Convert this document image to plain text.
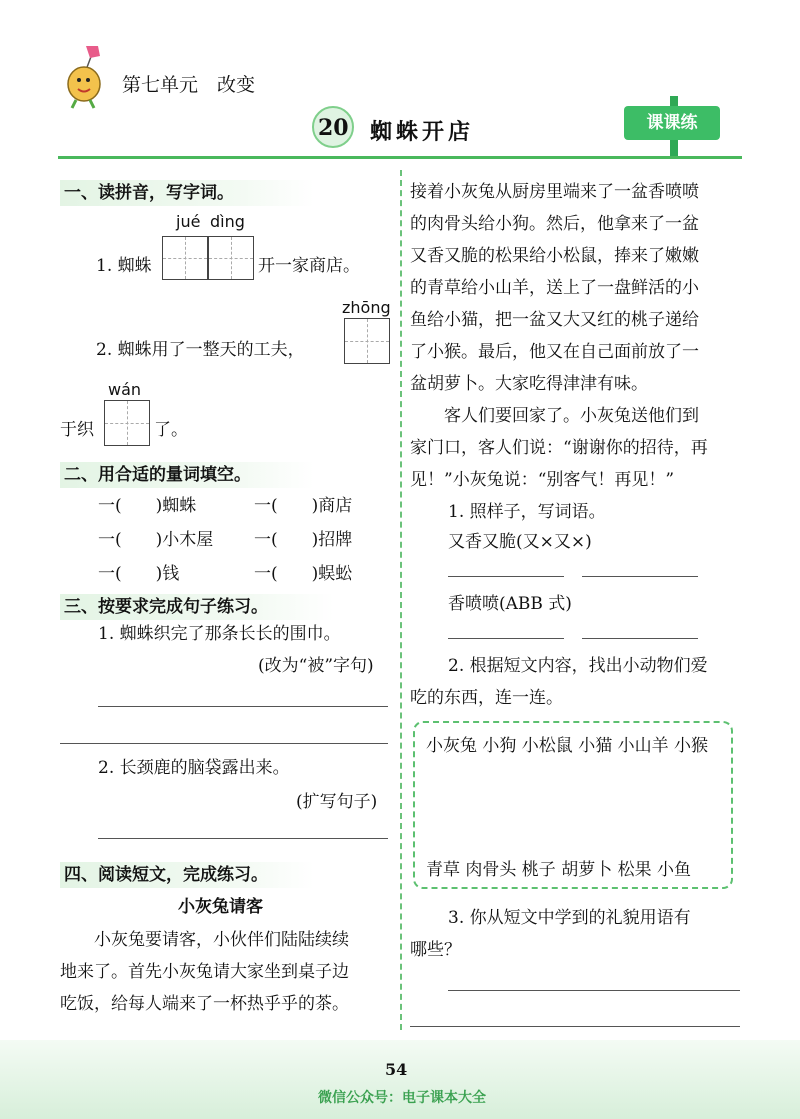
第七单元　改变
20 蜘蛛开店	课课练
一、读拼音，写字词。
jué dìng
1. 蜘蛛	开一家商店。
zhōng
2. 蜘蛛用了一整天的工夫，
wán
于织	了。
二、用合适的量词填空。
一(　　)蜘蛛	一(　　)商店
一(　　)小木屋 一(　　)招牌
一(　　)钱	一(　　)蜈蚣
三、按要求完成句子练习。
1. 蜘蛛织完了那条长长的围巾。
(改为“被”字句)
2. 长颈鹿的脑袋露出来。
(扩写句子)
四、阅读短文，完成练习。
小灰兔请客
　　小灰兔要请客，小伙伴们陆陆续续
地来了。首先小灰兔请大家坐到桌子边
吃饭，给每人端来了一杯热乎乎的茶。
接着小灰兔从厨房里端来了一盆香喷喷
的肉骨头给小狗。然后，他拿来了一盆
又香又脆的松果给小松鼠，捧来了嫩嫩
的青草给小山羊，送上了一盘鲜活的小
鱼给小猫，把一盆又大又红的桃子递给
了小猴。最后，他又在自己面前放了一
盆胡萝卜。大家吃得津津有味。
　　客人们要回家了。小灰兔送他们到
家门口，客人们说：“谢谢你的招待，再
见！”小灰兔说：“别客气！再见！”
1. 照样子，写词语。
又香又脆(又×又×)
香喷喷(ABB 式)
2. 根据短文内容，找出小动物们爱
吃的东西，连一连。
小灰兔 小狗 小松鼠 小猫 小山羊 小猴
青草 肉骨头 桃子 胡萝卜 松果 小鱼
3. 你从短文中学到的礼貌用语有
哪些？
54
微信公众号：电子课本大全
